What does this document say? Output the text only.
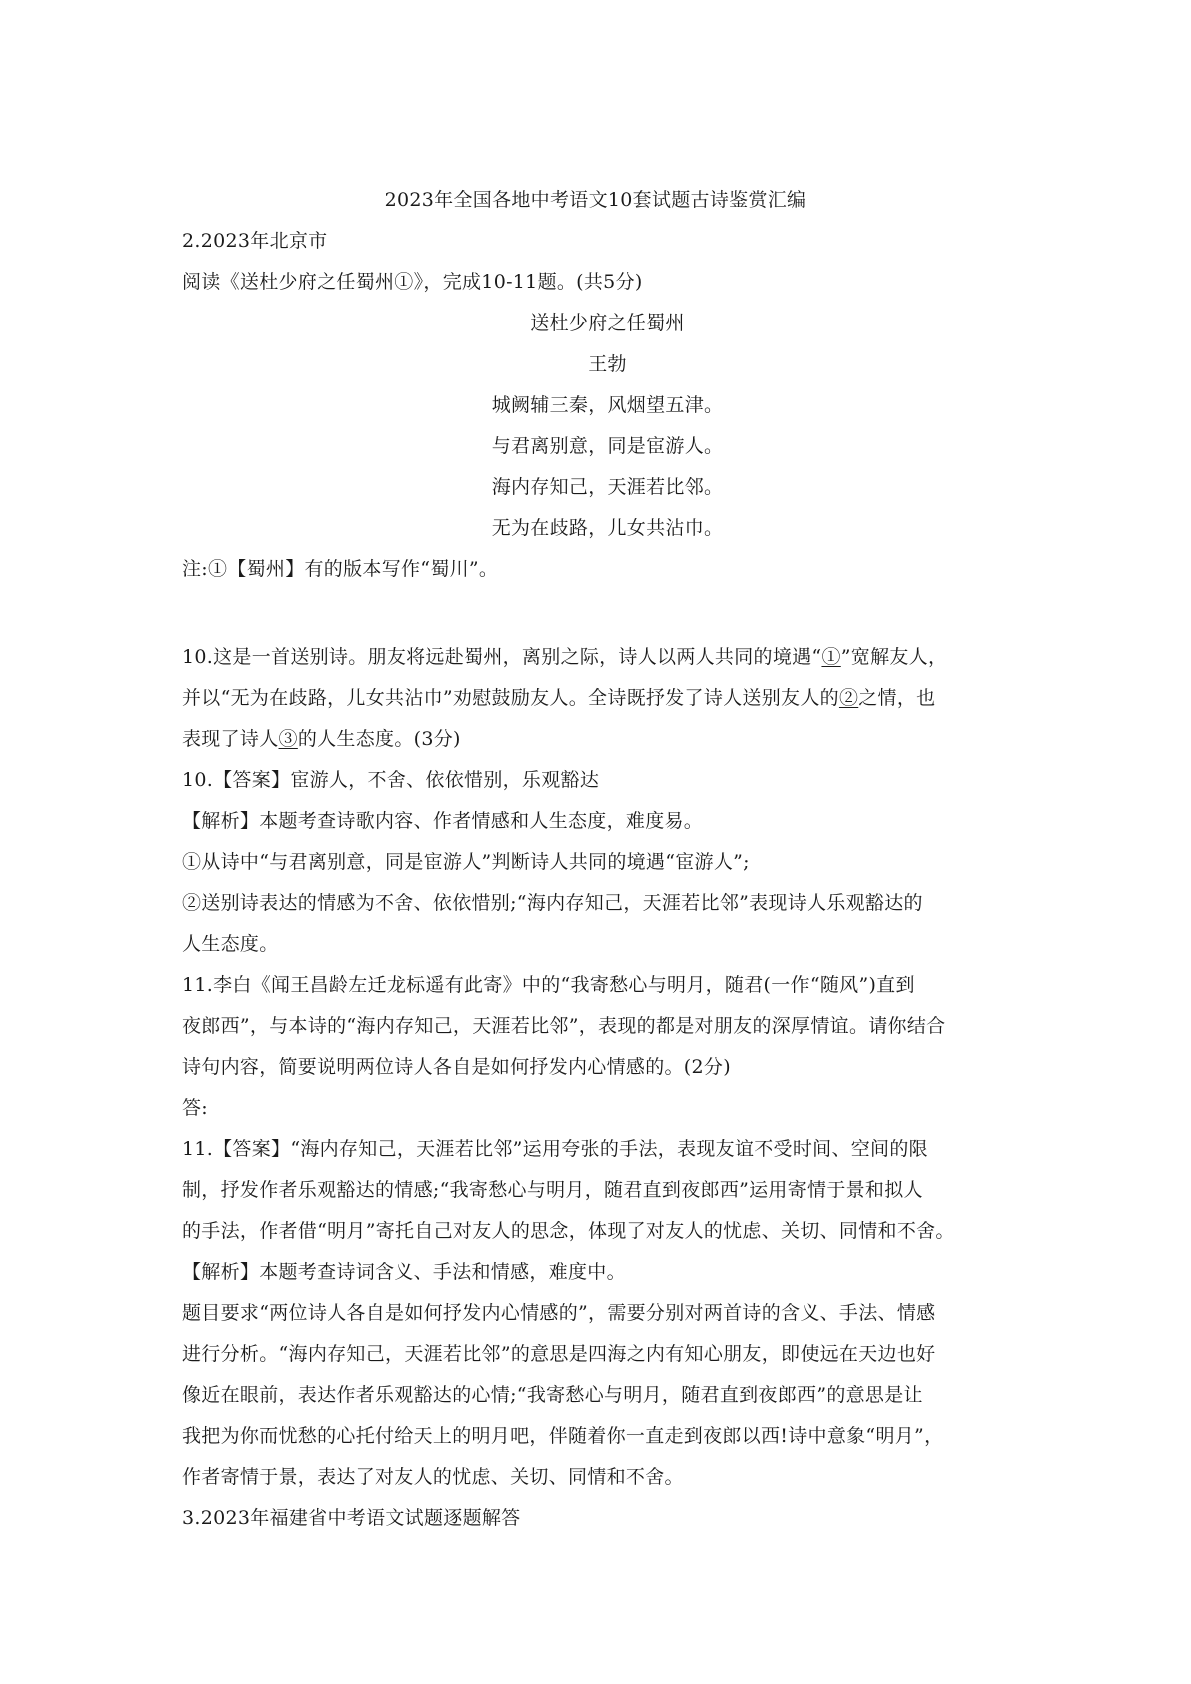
2023年全国各地中考语文10套试题古诗鉴赏汇编
2.2023年北京市
阅读《送杜少府之任蜀州①》，完成10-11题。(共5分)
送杜少府之任蜀州
王勃
城阙辅三秦，风烟望五津。
与君离别意，同是宦游人。
海内存知己，天涯若比邻。
无为在歧路，儿女共沾巾。
注:①【蜀州】有的版本写作“蜀川”。
10.这是一首送别诗。朋友将远赴蜀州，离别之际，诗人以两人共同的境遇“①”宽解友人，
并以“无为在歧路，儿女共沾巾”劝慰鼓励友人。全诗既抒发了诗人送别友人的②之情，也
表现了诗人③的人生态度。(3分)
10.【答案】宦游人，不舍、依依惜别，乐观豁达
【解析】本题考查诗歌内容、作者情感和人生态度，难度易。
①从诗中“与君离别意，同是宦游人”判断诗人共同的境遇“宦游人”;
②送别诗表达的情感为不舍、依依惜别;“海内存知己，天涯若比邻”表现诗人乐观豁达的
人生态度。
11.李白《闻王昌龄左迁龙标遥有此寄》中的“我寄愁心与明月，随君(一作“随风”)直到
夜郎西”，与本诗的“海内存知己，天涯若比邻”，表现的都是对朋友的深厚情谊。请你结合
诗句内容，简要说明两位诗人各自是如何抒发内心情感的。(2分)
答:
11.【答案】“海内存知己，天涯若比邻”运用夸张的手法，表现友谊不受时间、空间的限
制，抒发作者乐观豁达的情感;“我寄愁心与明月，随君直到夜郎西”运用寄情于景和拟人
的手法，作者借“明月”寄托自己对友人的思念，体现了对友人的忧虑、关切、同情和不舍。
【解析】本题考查诗词含义、手法和情感，难度中。
题目要求“两位诗人各自是如何抒发内心情感的”，需要分别对两首诗的含义、手法、情感
进行分析。“海内存知己，天涯若比邻”的意思是四海之内有知心朋友，即使远在天边也好
像近在眼前，表达作者乐观豁达的心情;“我寄愁心与明月，随君直到夜郎西”的意思是让
我把为你而忧愁的心托付给天上的明月吧，伴随着你一直走到夜郎以西!诗中意象“明月”，
作者寄情于景，表达了对友人的忧虑、关切、同情和不舍。
3.2023年福建省中考语文试题逐题解答
